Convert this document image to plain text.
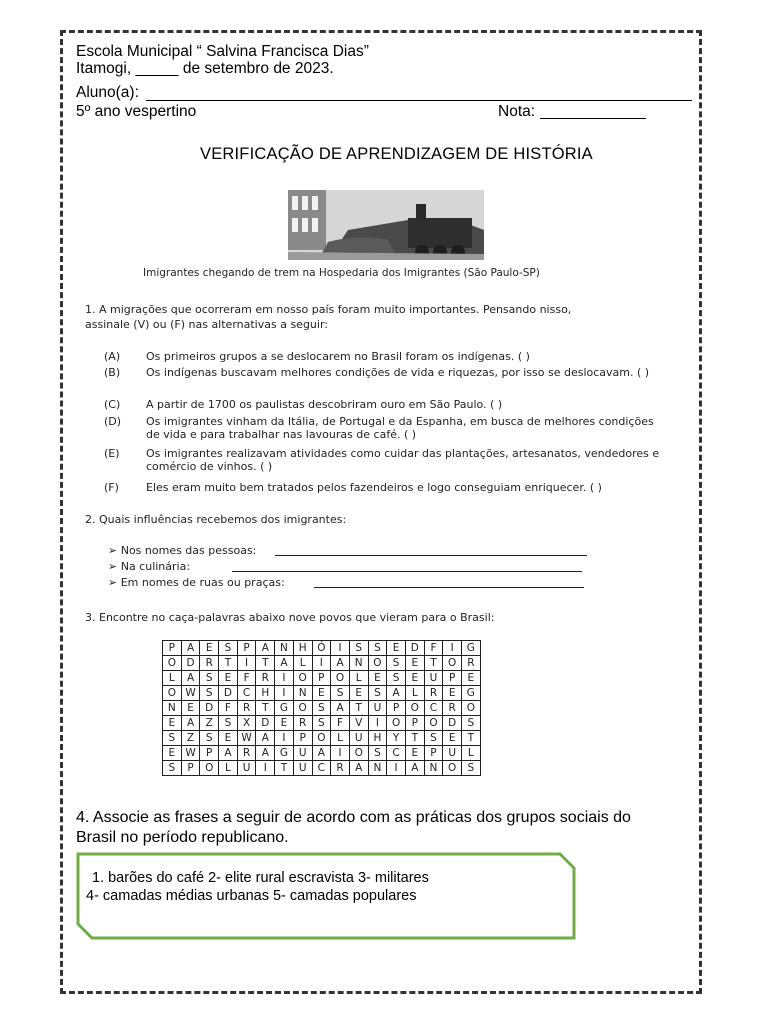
Escola Municipal “ Salvina Francisca Dias”
Itamogi, _____ de setembro de 2023.
Aluno(a):
5º ano vespertino	Nota:
VERIFICAÇÃO DE APRENDIZAGEM DE HISTÓRIA
Imigrantes chegando de trem na Hospedaria dos Imigrantes (São Paulo-SP)
1. A migrações que ocorreram em nosso país foram muito importantes. Pensando nisso,
assinale (V) ou (F) nas alternativas a seguir:
(A)	Os primeiros grupos a se deslocarem no Brasil foram os indígenas. ( )
(B)	Os indígenas buscavam melhores condições de vida e riquezas, por isso se deslocavam. ( )
(C)	A partir de 1700 os paulistas descobriram ouro em São Paulo. ( )
(D)	Os imigrantes vinham da Itália, de Portugal e da Espanha, em busca de melhores condições de vida e para trabalhar nas lavouras de café. ( )
(E)	Os imigrantes realizavam atividades como cuidar das plantações, artesanatos, vendedores e comércio de vinhos. ( )
(F)	Eles eram muito bem tratados pelos fazendeiros e logo conseguiam enriquecer. ( )
2. Quais influências recebemos dos imigrantes:
➢ Nos nomes das pessoas:
➢ Na culinária:
➢ Em nomes de ruas ou praças:
3. Encontre no caça-palavras abaixo nove povos que vieram para o Brasil:
P	A	E	S	P	A	N	H	Ó	I	S	S	E	D	F	I	G
O	D	R	T	I	T	A	L	I	A	N	O	S	E	T	O	R
L	A	S	E	F	R	I	O	P	O	L	E	S	E	U	P	E
O	W	S	D	C	H	I	N	E	S	E	S	A	L	R	E	G
N	E	D	F	R	T	G	O	S	A	T	U	P	O	C	R	O
E	A	Z	S	X	D	E	R	S	F	V	I	O	P	O	D	S
S	Z	S	E	W	A	I	P	O	L	U	H	Y	T	S	E	T
E	W	P	A	R	A	G	U	A	I	O	S	C	E	P	U	L
S	P	O	L	U	I	T	U	C	R	A	N	I	A	N	O	S
4. Associe as frases a seguir de acordo com as práticas dos grupos sociais do
Brasil no período republicano.
1. barões do café 2- elite rural escravista 3- militares
4- camadas médias urbanas 5- camadas populares
